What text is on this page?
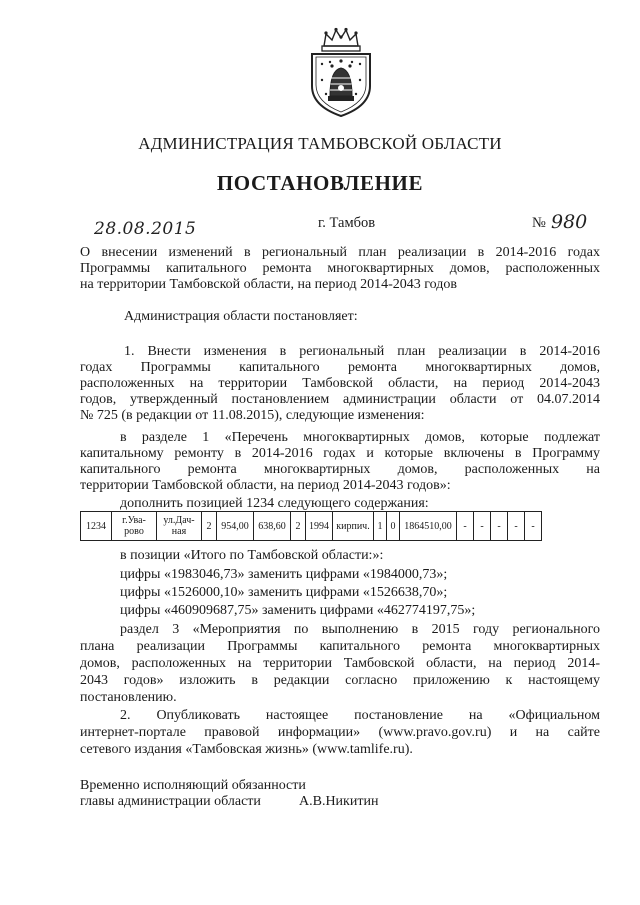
АДМИНИСТРАЦИЯ ТАМБОВСКОЙ ОБЛАСТИ
ПОСТАНОВЛЕНИЕ
28.08.2015	г. Тамбов	№ 980
О внесении изменений в региональный план реализации в 2014-2016 годах
Программы капитального ремонта многоквартирных домов, расположенных
на территории Тамбовской области, на период 2014-2043 годов
Администрация области постановляет:
1. Внести изменения в региональный план реализации в 2014-2016
годах Программы капитального ремонта многоквартирных домов,
расположенных на территории Тамбовской области, на период 2014-2043
годов, утвержденный постановлением администрации области от 04.07.2014
№ 725 (в редакции от 11.08.2015), следующие изменения:
в разделе 1 «Перечень многоквартирных домов, которые подлежат
капитальному ремонту в 2014-2016 годах и которые включены в Программу
капитального ремонта многоквартирных домов, расположенных на
территории Тамбовской области, на период 2014-2043 годов»:
дополнить позицией 1234 следующего содержания:
1234	г.Ува-рово	ул.Дач-ная	2	954,00	638,60	2	1994	кирпич.	1	0	1864510,00	-	-	-	-	-
в позиции «Итого по Тамбовской области:»:
цифры «1983046,73» заменить цифрами «1984000,73»;
цифры «1526000,10» заменить цифрами «1526638,70»;
цифры «460909687,75» заменить цифрами «462774197,75»;
раздел 3 «Мероприятия по выполнению в 2015 году регионального
плана реализации Программы капитального ремонта многоквартирных
домов, расположенных на территории Тамбовской области, на период 2014-
2043 годов» изложить в редакции согласно приложению к настоящему
постановлению.
2. Опубликовать настоящее постановление на «Официальном
интернет-портале правовой информации» (www.pravo.gov.ru) и на сайте
сетевого издания «Тамбовская жизнь» (www.tamlife.ru).
Временно исполняющий обязанности
главы администрации области	А.В.Никитин
